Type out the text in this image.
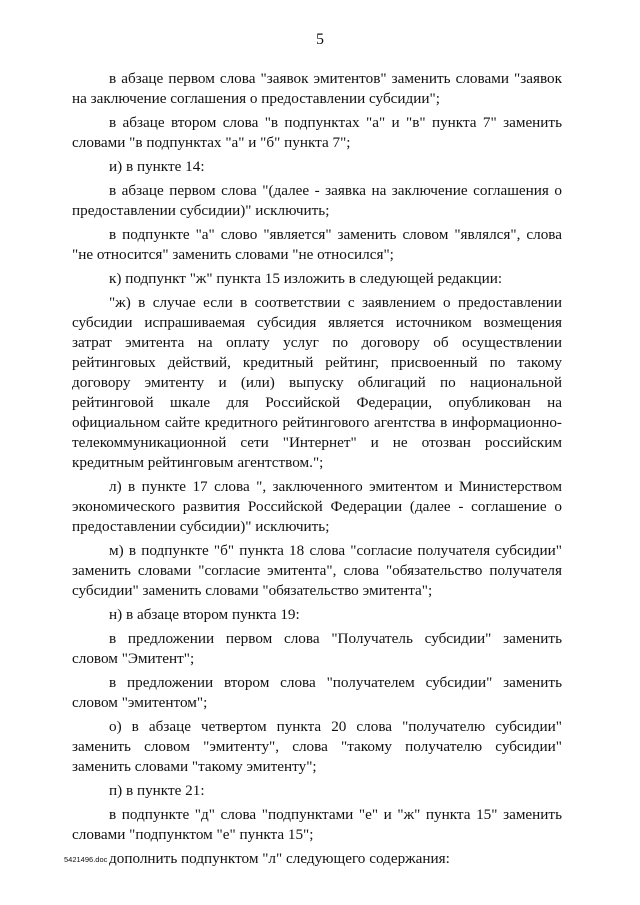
5

в абзаце первом слова "заявок эмитентов" заменить словами "заявок на заключение соглашения о предоставлении субсидии";

в абзаце втором слова "в подпунктах "а" и "в" пункта 7" заменить словами "в подпунктах "а" и "б" пункта 7";

и) в пункте 14:

в абзаце первом слова "(далее - заявка на заключение соглашения о предоставлении субсидии)" исключить;

в подпункте "а" слово "является" заменить словом "являлся", слова "не относится" заменить словами "не относился";

к) подпункт "ж" пункта 15 изложить в следующей редакции:

"ж) в случае если в соответствии с заявлением о предоставлении субсидии испрашиваемая субсидия является источником возмещения затрат эмитента на оплату услуг по договору об осуществлении рейтинговых действий, кредитный рейтинг, присвоенный по такому договору эмитенту и (или) выпуску облигаций по национальной рейтинговой шкале для Российской Федерации, опубликован на официальном сайте кредитного рейтингового агентства в информационно-телекоммуникационной сети "Интернет" и не отозван российским кредитным рейтинговым агентством.";

л) в пункте 17 слова ", заключенного эмитентом и Министерством экономического развития Российской Федерации (далее - соглашение о предоставлении субсидии)" исключить;

м) в подпункте "б" пункта 18 слова "согласие получателя субсидии" заменить словами "согласие эмитента", слова "обязательство получателя субсидии" заменить словами "обязательство эмитента";

н) в абзаце втором пункта 19:

в предложении первом слова "Получатель субсидии" заменить словом "Эмитент";

в предложении втором слова "получателем субсидии" заменить словом "эмитентом";

о) в абзаце четвертом пункта 20 слова "получателю субсидии" заменить словом "эмитенту", слова "такому получателю субсидии" заменить словами "такому эмитенту";

п) в пункте 21:

в подпункте "д" слова "подпунктами "е" и "ж" пункта 15" заменить словами "подпунктом "е" пункта 15";

дополнить подпунктом "л" следующего содержания:

5421496.doc
